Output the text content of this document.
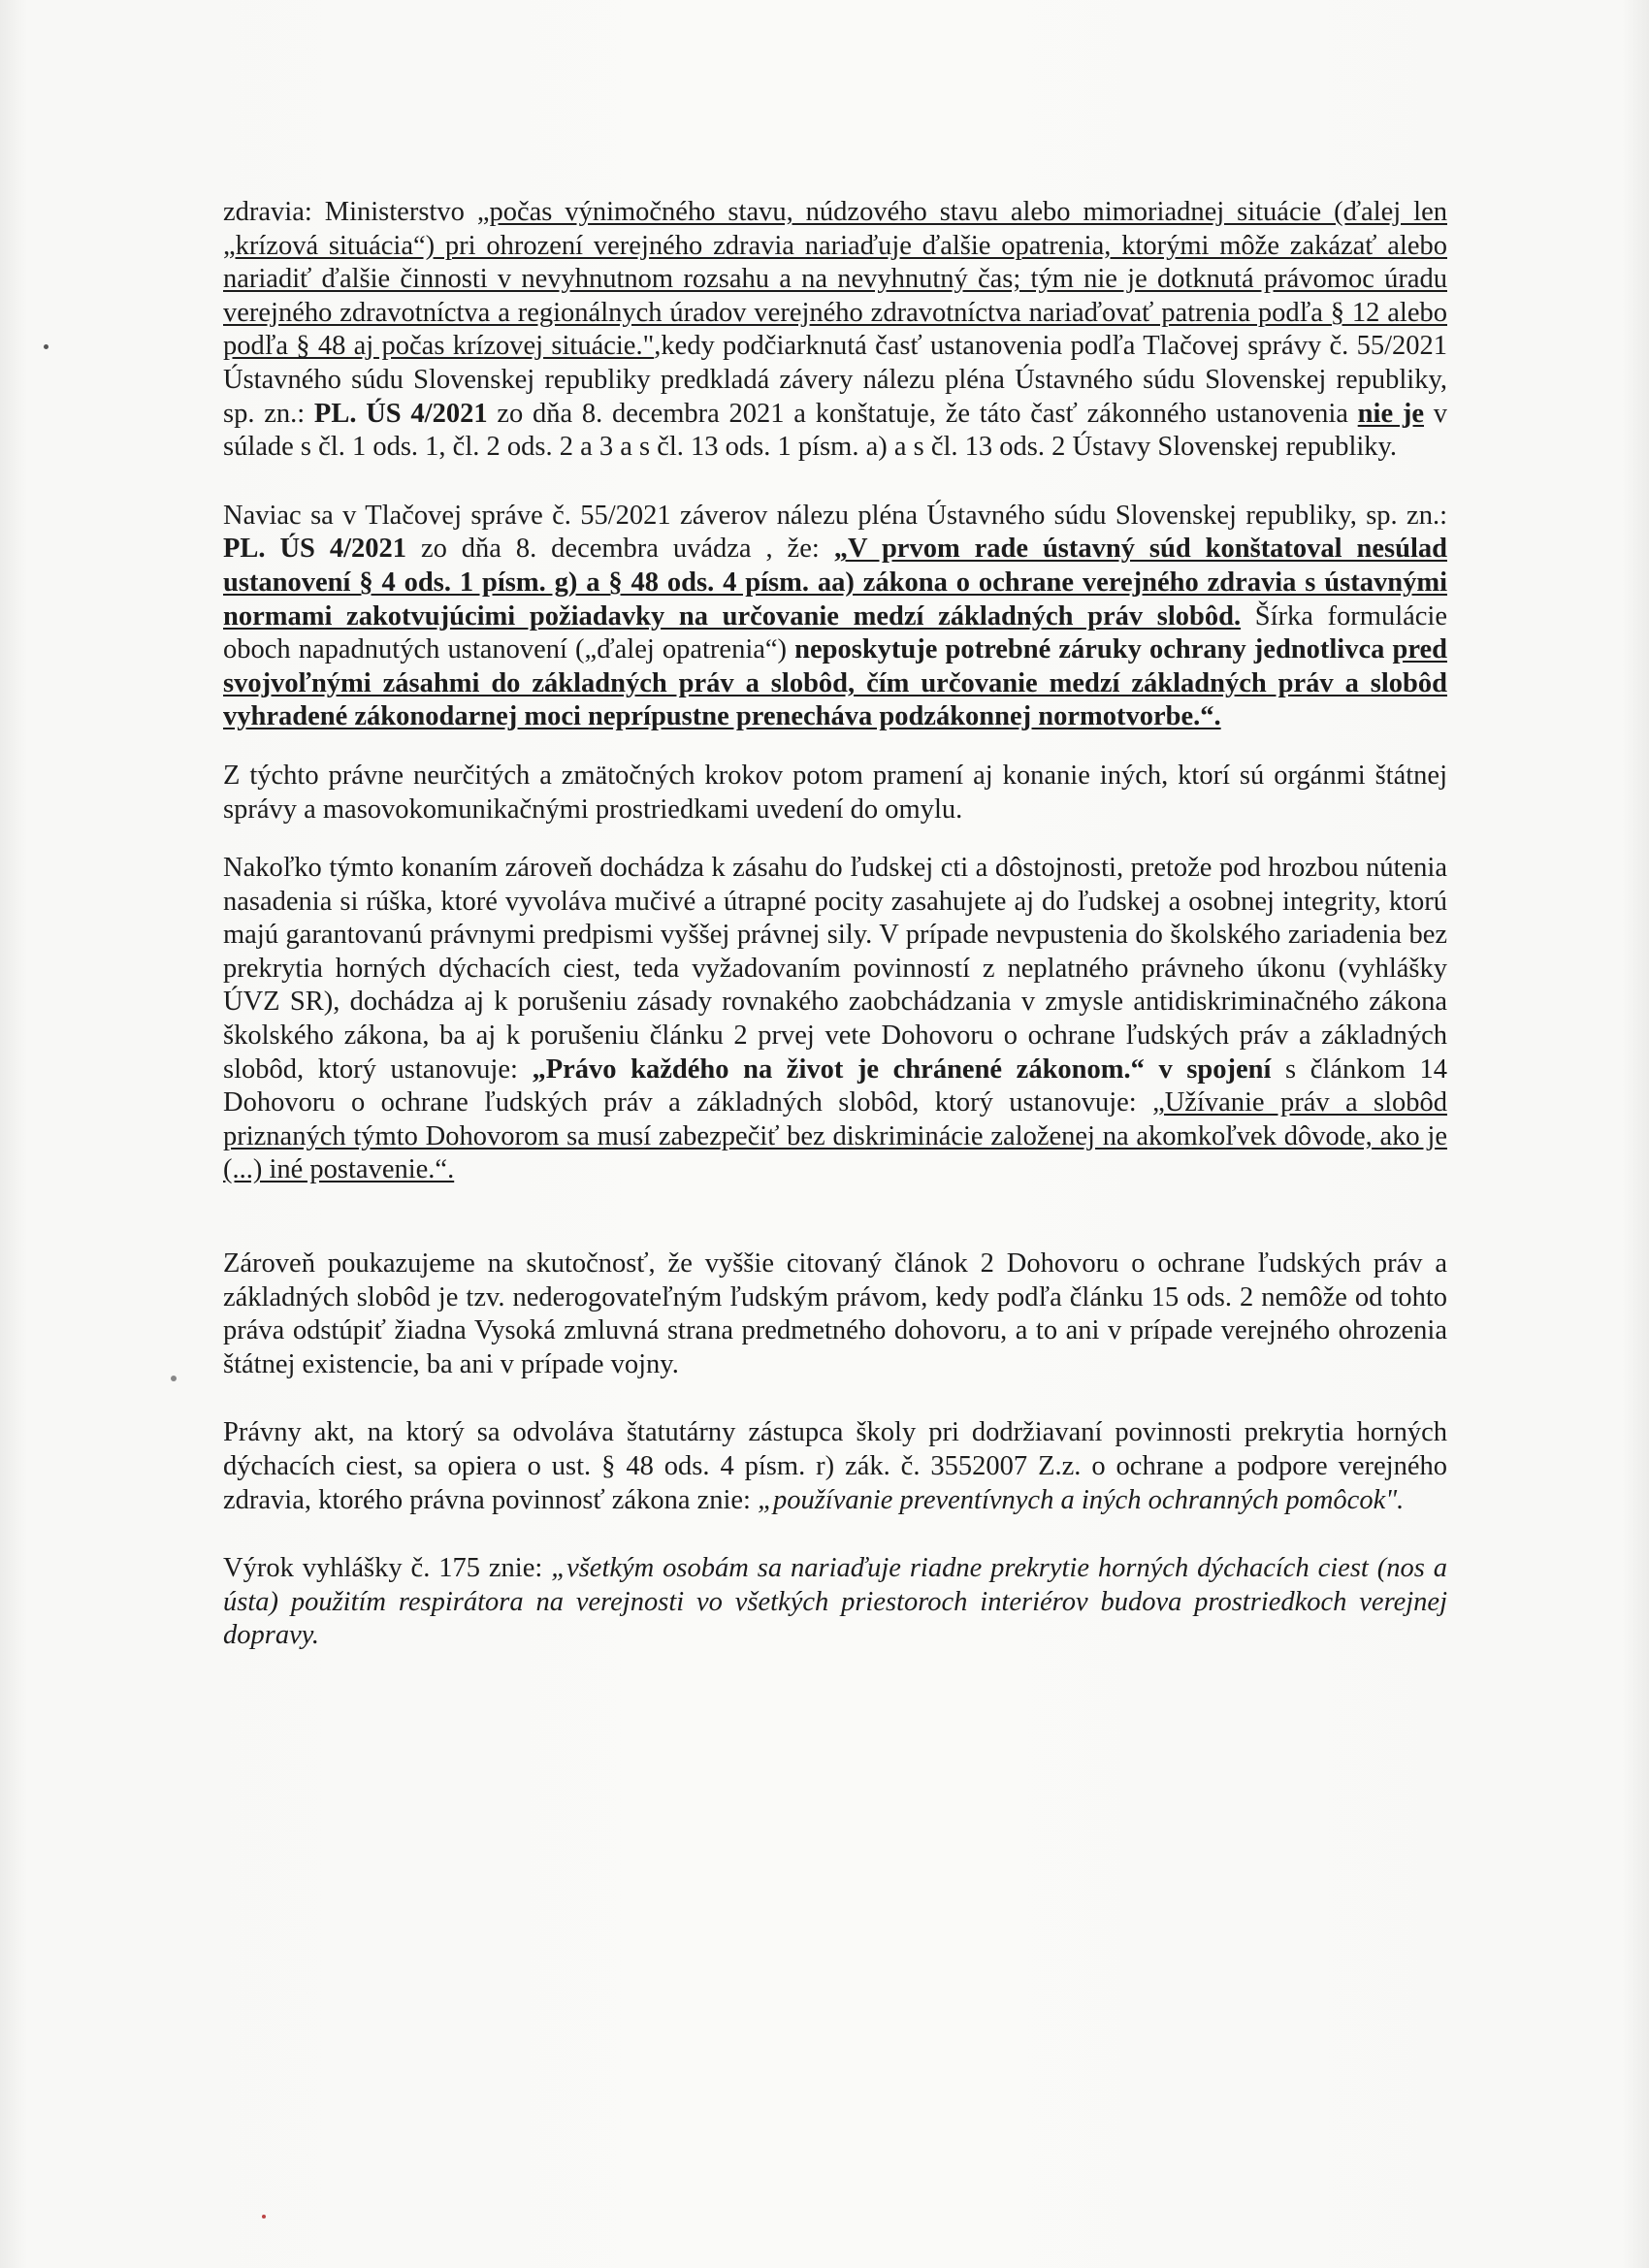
zdravia: Ministerstvo „počas výnimočného stavu, núdzového stavu alebo mimoriadnej situácie (ďalej len „krízová situácia“) pri ohrození verejného zdravia nariaďuje ďalšie opatrenia, ktorými môže zakázať alebo nariadiť ďalšie činnosti v nevyhnutnom rozsahu a na nevyhnutný čas; tým nie je dotknutá právomoc úradu verejného zdravotníctva a regionálnych úradov verejného zdravotníctva nariaďovať patrenia podľa § 12 alebo podľa § 48 aj počas krízovej situácie.",kedy podčiarknutá časť ustanovenia podľa Tlačovej správy č. 55/2021 Ústavného súdu Slovenskej republiky predkladá závery nálezu pléna Ústavného súdu Slovenskej republiky, sp. zn.: PL. ÚS 4/2021 zo dňa 8. decembra 2021 a konštatuje, že táto časť zákonného ustanovenia nie je v súlade s čl. 1 ods. 1, čl. 2 ods. 2 a 3 a s čl. 13 ods. 1 písm. a) a s čl. 13 ods. 2 Ústavy Slovenskej republiky.

Naviac sa v Tlačovej správe č. 55/2021 záverov nálezu pléna Ústavného súdu Slovenskej republiky, sp. zn.: PL. ÚS 4/2021 zo dňa 8. decembra uvádza , že: „V prvom rade ústavný súd konštatoval nesúlad ustanovení § 4 ods. 1 písm. g) a § 48 ods. 4 písm. aa) zákona o ochrane verejného zdravia s ústavnými normami zakotvujúcimi požiadavky na určovanie medzí základných práv slobôd. Šírka formulácie oboch napadnutých ustanovení („ďalej opatrenia“) neposkytuje potrebné záruky ochrany jednotlivca pred svojvoľnými zásahmi do základných práv a slobôd, čím určovanie medzí základných práv a slobôd vyhradené zákonodarnej moci neprípustne prenecháva podzákonnej normotvorbe.“.

Z týchto právne neurčitých a zmätočných krokov potom pramení aj konanie iných, ktorí sú orgánmi štátnej správy a masovokomunikačnými prostriedkami uvedení do omylu.

Nakoľko týmto konaním zároveň dochádza k zásahu do ľudskej cti a dôstojnosti, pretože pod hrozbou nútenia nasadenia si rúška, ktoré vyvoláva mučivé a útrapné pocity zasahujete aj do ľudskej a osobnej integrity, ktorú majú garantovanú právnymi predpismi vyššej právnej sily. V prípade nevpustenia do školského zariadenia bez prekrytia horných dýchacích ciest, teda vyžadovaním povinností z neplatného právneho úkonu (vyhlášky ÚVZ SR), dochádza aj k porušeniu zásady rovnakého zaobchádzania v zmysle antidiskriminačného zákona školského zákona, ba aj k porušeniu článku 2 prvej vete Dohovoru o ochrane ľudských práv a základných slobôd, ktorý ustanovuje: „Právo každého na život je chránené zákonom.“ v spojení s článkom 14 Dohovoru o ochrane ľudských práv a základných slobôd, ktorý ustanovuje: „Užívanie práv a slobôd priznaných týmto Dohovorom sa musí zabezpečiť bez diskriminácie založenej na akomkoľvek dôvode, ako je (...) iné postavenie.“.

Zároveň poukazujeme na skutočnosť, že vyššie citovaný článok 2 Dohovoru o ochrane ľudských práv a základných slobôd je tzv. nederogovateľným ľudským právom, kedy podľa článku 15 ods. 2 nemôže od tohto práva odstúpiť žiadna Vysoká zmluvná strana predmetného dohovoru, a to ani v prípade verejného ohrozenia štátnej existencie, ba ani v prípade vojny.

Právny akt, na ktorý sa odvoláva štatutárny zástupca školy pri dodržiavaní povinnosti prekrytia horných dýchacích ciest, sa opiera o ust. § 48 ods. 4 písm. r) zák. č. 3552007 Z.z. o ochrane a podpore verejného zdravia, ktorého právna povinnosť zákona znie: „používanie preventívnych a iných ochranných pomôcok".

Výrok vyhlášky č. 175 znie: „všetkým osobám sa nariaďuje riadne prekrytie horných dýchacích ciest (nos a ústa) použitím respirátora na verejnosti vo všetkých priestoroch interiérov budova prostriedkoch verejnej dopravy.
